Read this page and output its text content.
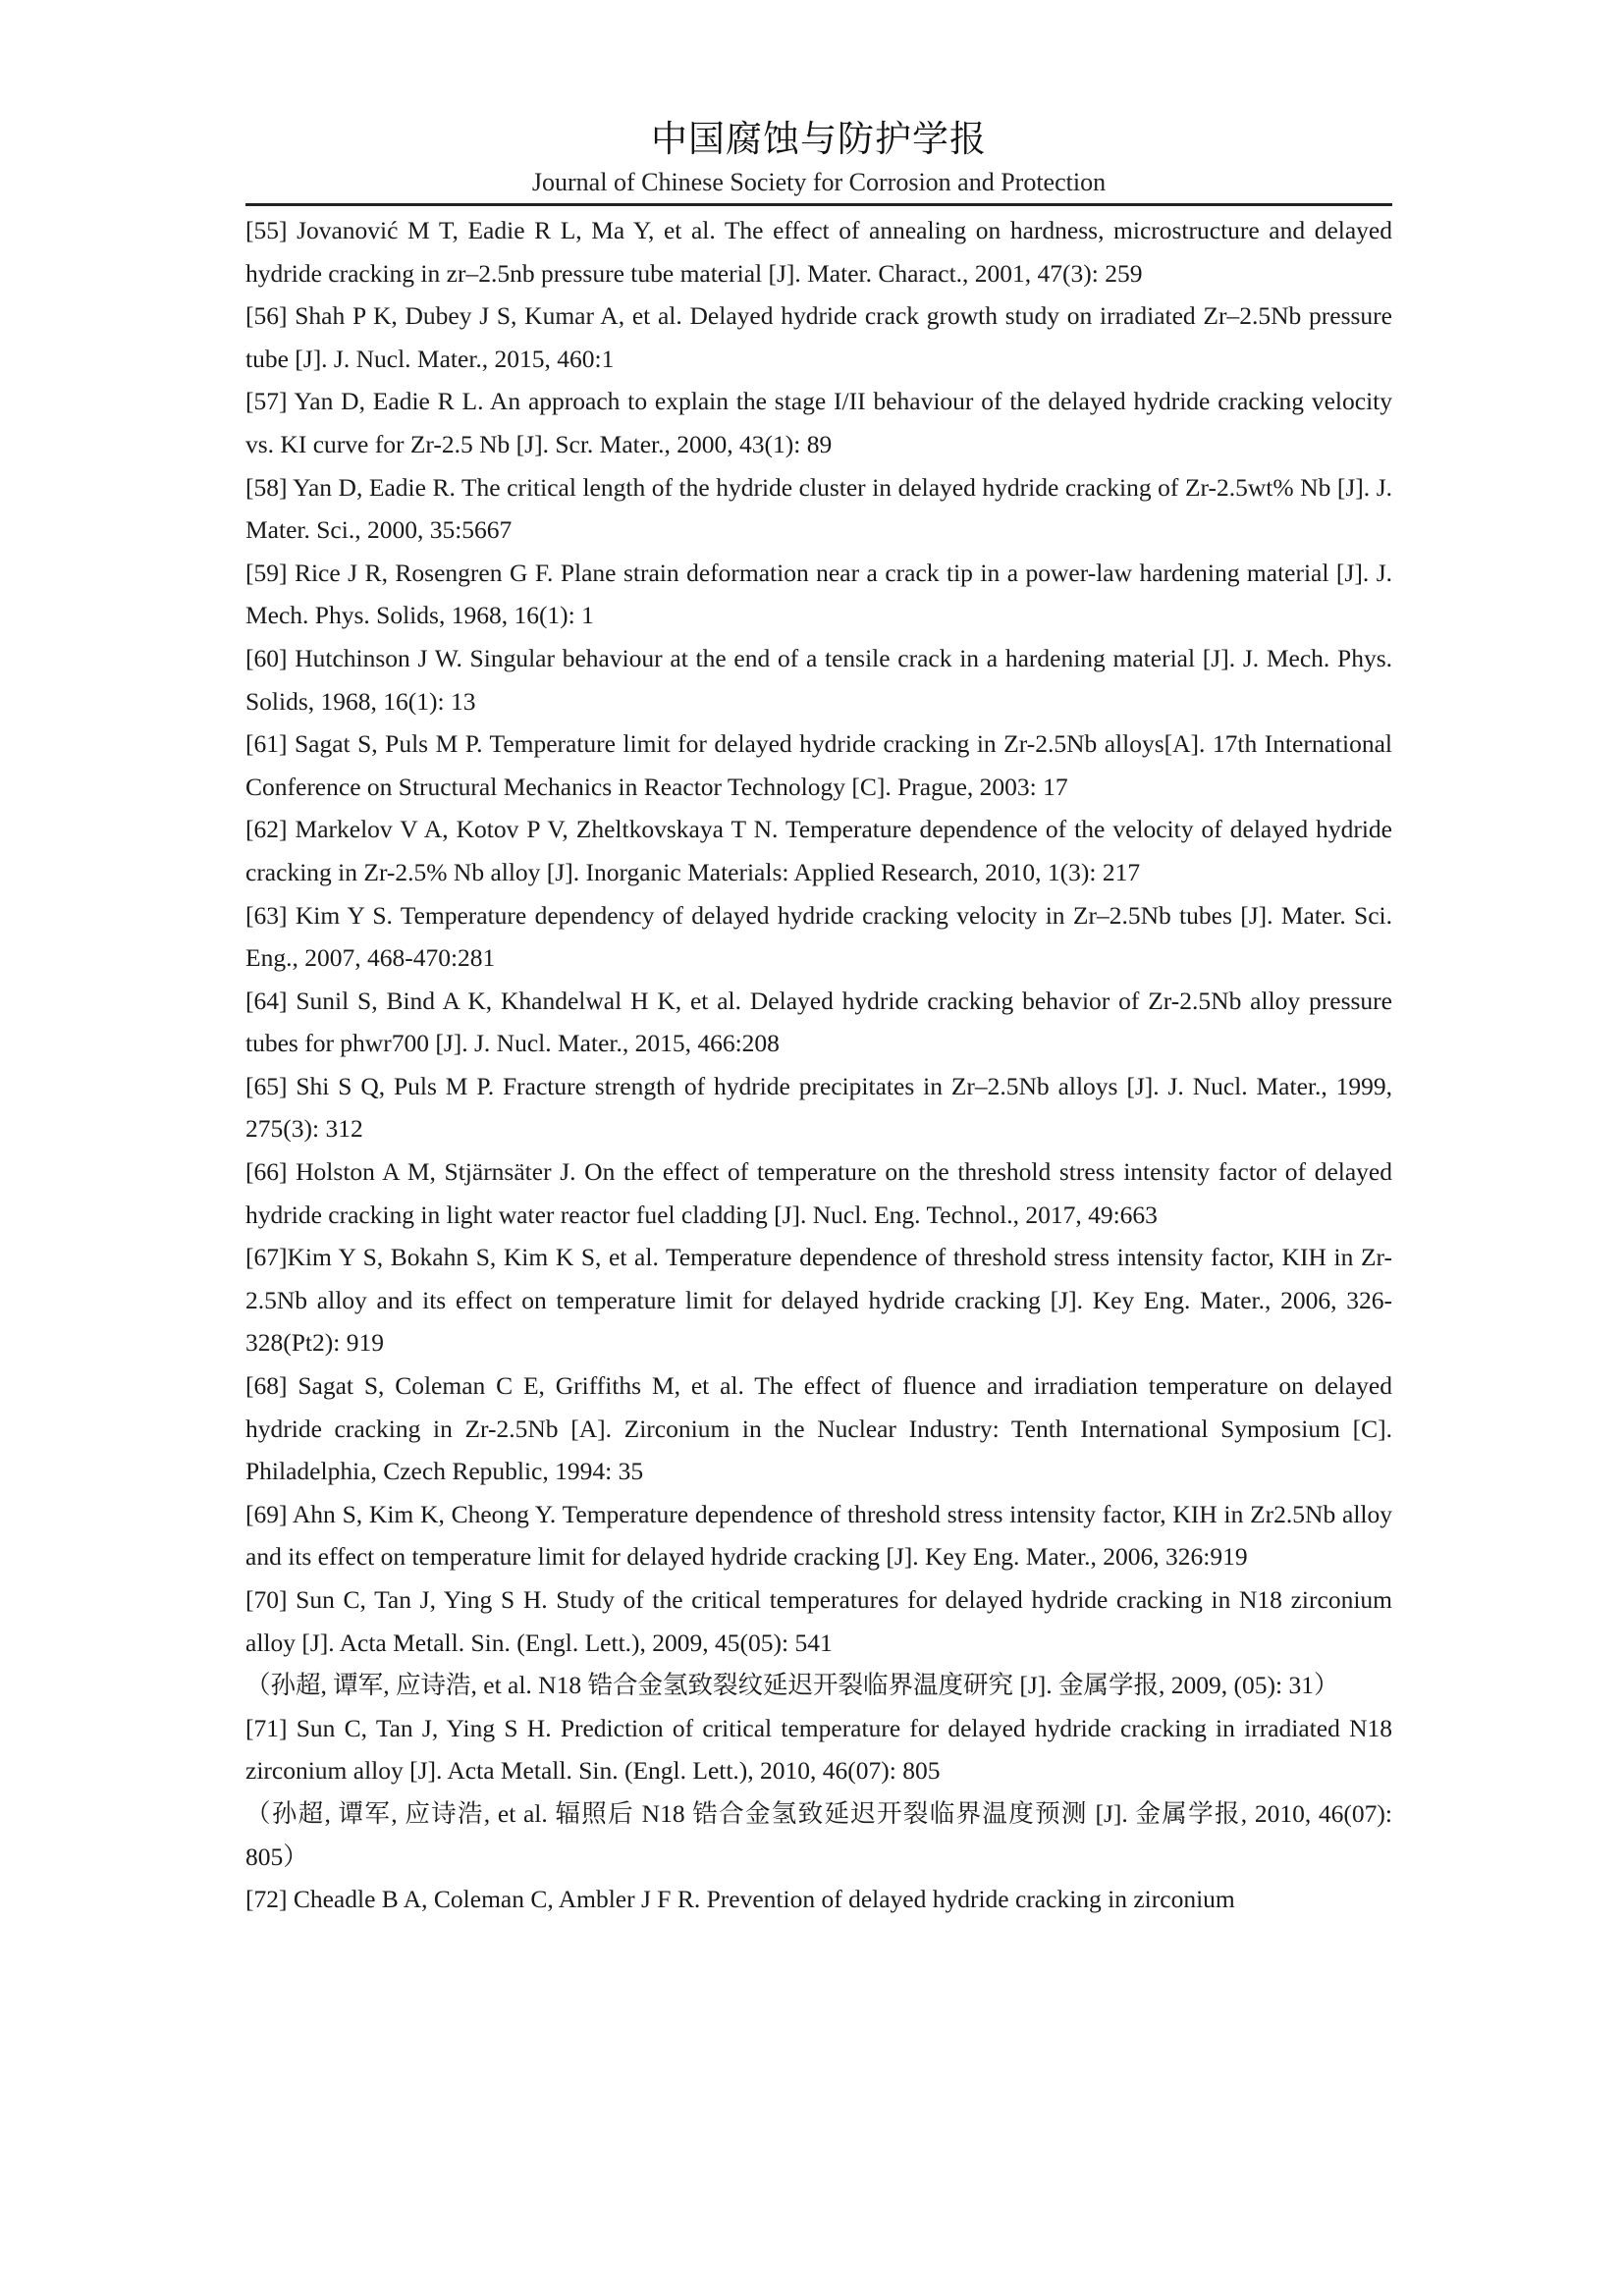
中国腐蚀与防护学报
Journal of Chinese Society for Corrosion and Protection

[55] Jovanović M T, Eadie R L, Ma Y, et al. The effect of annealing on hardness, microstructure and delayed hydride cracking in zr–2.5nb pressure tube material [J]. Mater. Charact., 2001, 47(3): 259

[56] Shah P K, Dubey J S, Kumar A, et al. Delayed hydride crack growth study on irradiated Zr–2.5Nb pressure tube [J]. J. Nucl. Mater., 2015, 460:1

[57] Yan D, Eadie R L. An approach to explain the stage I/II behaviour of the delayed hydride cracking velocity vs. KI curve for Zr-2.5 Nb [J]. Scr. Mater., 2000, 43(1): 89

[58] Yan D, Eadie R. The critical length of the hydride cluster in delayed hydride cracking of Zr-2.5wt% Nb [J]. J. Mater. Sci., 2000, 35:5667

[59] Rice J R, Rosengren G F. Plane strain deformation near a crack tip in a power-law hardening material [J]. J. Mech. Phys. Solids, 1968, 16(1): 1

[60] Hutchinson J W. Singular behaviour at the end of a tensile crack in a hardening material [J]. J. Mech. Phys. Solids, 1968, 16(1): 13

[61] Sagat S, Puls M P. Temperature limit for delayed hydride cracking in Zr-2.5Nb alloys[A]. 17th International Conference on Structural Mechanics in Reactor Technology [C]. Prague, 2003: 17

[62] Markelov V A, Kotov P V, Zheltkovskaya T N. Temperature dependence of the velocity of delayed hydride cracking in Zr-2.5% Nb alloy [J]. Inorganic Materials: Applied Research, 2010, 1(3): 217

[63] Kim Y S. Temperature dependency of delayed hydride cracking velocity in Zr–2.5Nb tubes [J]. Mater. Sci. Eng., 2007, 468-470:281

[64] Sunil S, Bind A K, Khandelwal H K, et al. Delayed hydride cracking behavior of Zr-2.5Nb alloy pressure tubes for phwr700 [J]. J. Nucl. Mater., 2015, 466:208

[65] Shi S Q, Puls M P. Fracture strength of hydride precipitates in Zr–2.5Nb alloys [J]. J. Nucl. Mater., 1999, 275(3): 312

[66] Holston A M, Stjärnsäter J. On the effect of temperature on the threshold stress intensity factor of delayed hydride cracking in light water reactor fuel cladding [J]. Nucl. Eng. Technol., 2017, 49:663

[67]Kim Y S, Bokahn S, Kim K S, et al. Temperature dependence of threshold stress intensity factor, KIH in Zr-2.5Nb alloy and its effect on temperature limit for delayed hydride cracking [J]. Key Eng. Mater., 2006, 326-328(Pt2): 919

[68] Sagat S, Coleman C E, Griffiths M, et al. The effect of fluence and irradiation temperature on delayed hydride cracking in Zr-2.5Nb [A]. Zirconium in the Nuclear Industry: Tenth International Symposium [C]. Philadelphia, Czech Republic, 1994: 35

[69] Ahn S, Kim K, Cheong Y. Temperature dependence of threshold stress intensity factor, KIH in Zr2.5Nb alloy and its effect on temperature limit for delayed hydride cracking [J]. Key Eng. Mater., 2006, 326:919

[70] Sun C, Tan J, Ying S H. Study of the critical temperatures for delayed hydride cracking in N18 zirconium alloy [J]. Acta Metall. Sin. (Engl. Lett.), 2009, 45(05): 541

（孙超, 谭军, 应诗浩, et al. N18 锆合金氢致裂纹延迟开裂临界温度研究 [J]. 金属学报, 2009, (05): 31）

[71] Sun C, Tan J, Ying S H. Prediction of critical temperature for delayed hydride cracking in irradiated N18 zirconium alloy [J]. Acta Metall. Sin. (Engl. Lett.), 2010, 46(07): 805

（孙超, 谭军, 应诗浩, et al. 辐照后 N18 锆合金氢致延迟开裂临界温度预测 [J]. 金属学报, 2010, 46(07): 805）

[72] Cheadle B A, Coleman C, Ambler J F R. Prevention of delayed hydride cracking in zirconium
